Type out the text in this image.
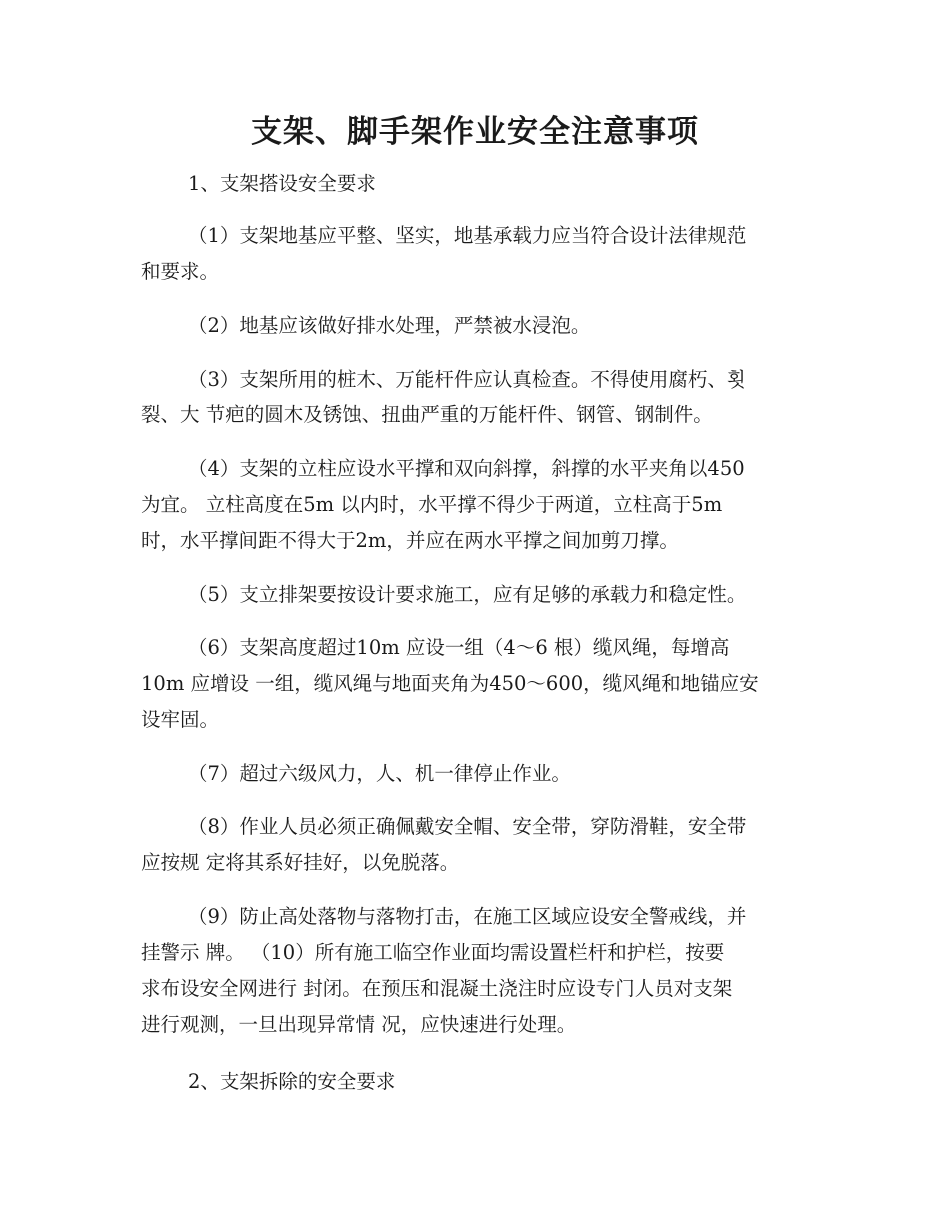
支架、脚手架作业安全注意事项
1、支架搭设安全要求
（1）支架地基应平整、坚实，地基承载力应当符合设计法律规范
和要求。
（2）地基应该做好排水处理，严禁被水浸泡。
（3）支架所用的桩木、万能杆件应认真检查。不得使用腐朽、횟
裂、大 节疤的圆木及锈蚀、扭曲严重的万能杆件、钢管、钢制件。
（4）支架的立柱应设水平撑和双向斜撑，斜撑的水平夹角以450
为宜。 立柱高度在5m 以内时，水平撑不得少于两道，立柱高于5m
时，水平撑间距不得大于2m，并应在两水平撑之间加剪刀撑。
（5）支立排架要按设计要求施工，应有足够的承载力和稳定性。
（6）支架高度超过10m 应设一组（4～6 根）缆风绳，每增高
10m 应增设 一组，缆风绳与地面夹角为450～600，缆风绳和地锚应安
设牢固。
（7）超过六级风力，人、机一律停止作业。
（8）作业人员必须正确佩戴安全帽、安全带，穿防滑鞋，安全带
应按规 定将其系好挂好，以免脱落。
（9）防止高处落物与落物打击，在施工区域应设安全警戒线，并
挂警示 牌。 （10）所有施工临空作业面均需设置栏杆和护栏，按要
求布设安全网进行 封闭。在预压和混凝土浇注时应设专门人员对支架
进行观测，一旦出现异常情 况，应快速进行处理。
2、支架拆除的安全要求
